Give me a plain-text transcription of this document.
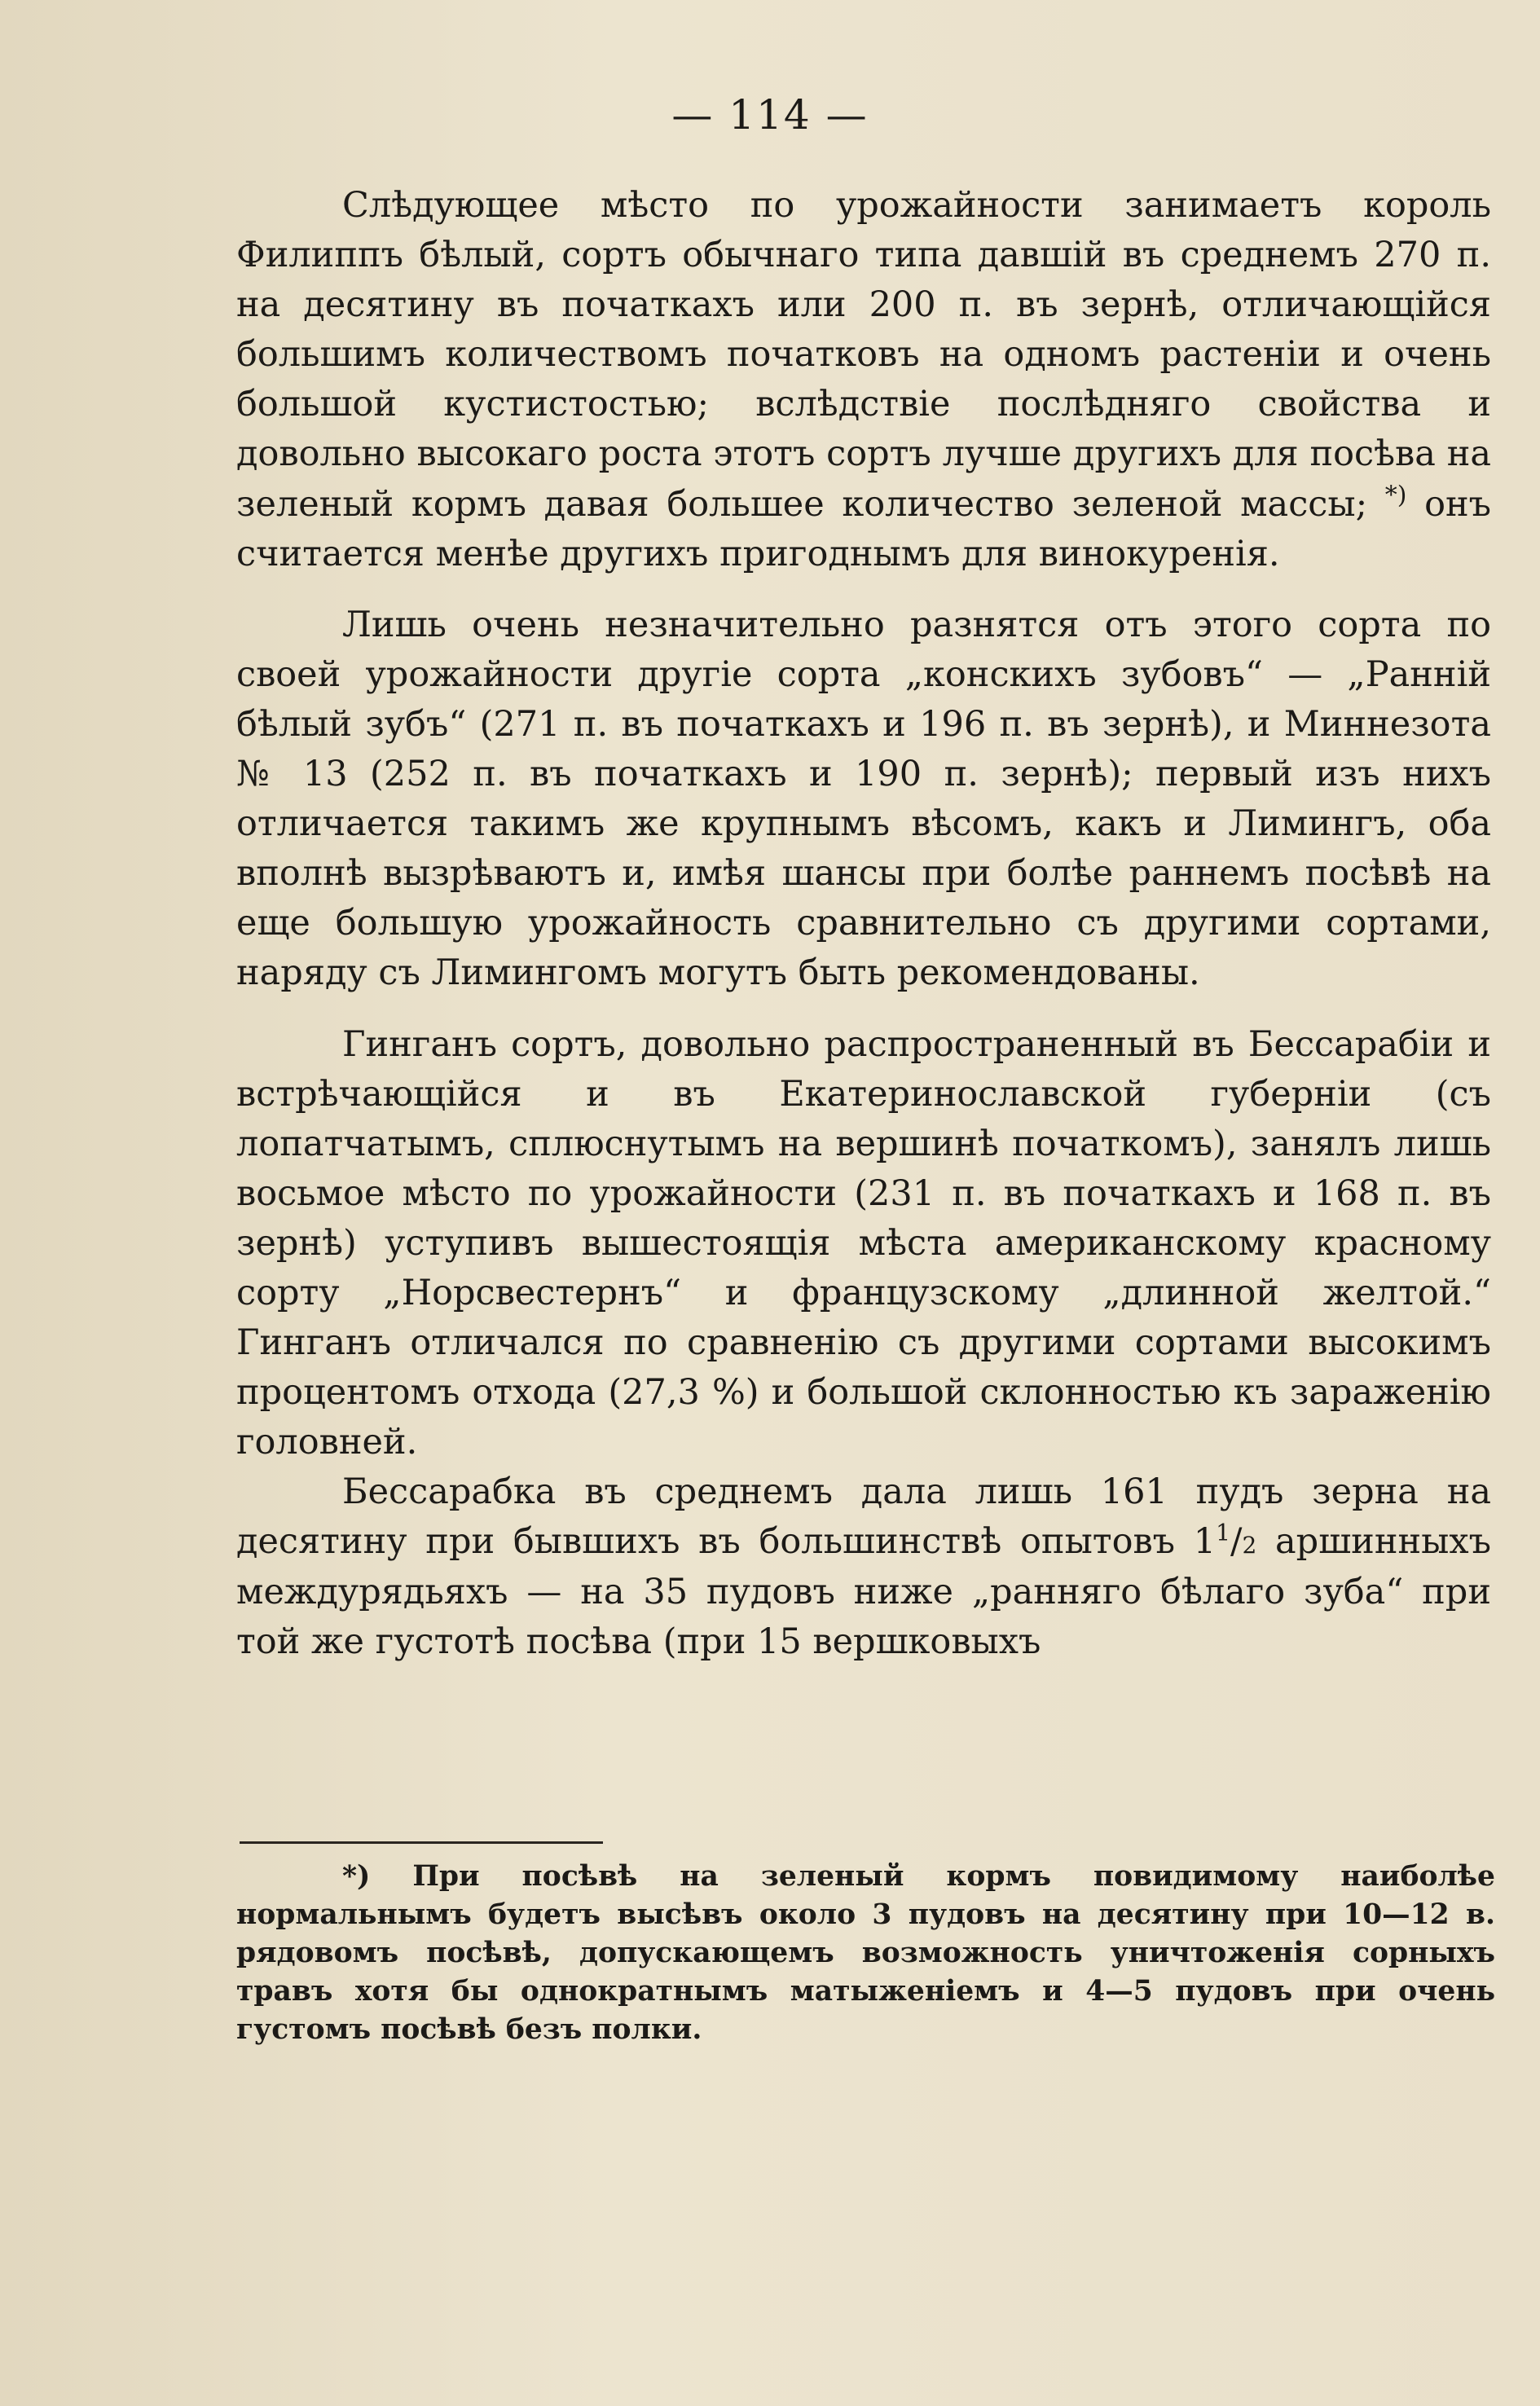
— 114 —

Слѣдующее мѣсто по урожайности занимаетъ король Филиппъ бѣлый, сортъ обычнаго типа давшій въ среднемъ 270 п. на десятину въ початкахъ или 200 п. въ зернѣ, отличающійся большимъ количествомъ початковъ на одномъ растеніи и очень большой кустистостью; вслѣдствіе послѣдняго свойства и довольно высокаго роста этотъ сортъ лучше другихъ для посѣва на зеленый кормъ давая большее количество зеленой массы; *) онъ считается менѣе другихъ пригоднымъ для винокуренія.

Лишь очень незначительно разнятся отъ этого сорта по своей урожайности другіе сорта „конскихъ зубовъ“ — „Ранній бѣлый зубъ“ (271 п. въ початкахъ и 196 п. въ зернѣ), и Миннезота № 13 (252 п. въ початкахъ и 190 п. зернѣ); первый изъ нихъ отличается такимъ же крупнымъ вѣсомъ, какъ и Лимингъ, оба вполнѣ вызрѣваютъ и, имѣя шансы при болѣе раннемъ посѣвѣ на еще большую урожайность сравнительно съ другими сортами, наряду съ Лимингомъ могутъ быть рекомендованы.

Гинганъ сортъ, довольно распространенный въ Бессарабіи и встрѣчающійся и въ Екатеринославской губерніи (съ лопатчатымъ, сплюснутымъ на вершинѣ початкомъ), занялъ лишь восьмое мѣсто по урожайности (231 п. въ початкахъ и 168 п. въ зернѣ) уступивъ вышестоящія мѣста американскому красному сорту „Норсвестернъ“ и французскому „длинной желтой.“ Гинганъ отличался по сравненію съ другими сортами высокимъ процентомъ отхода (27,3 %) и большой склонностью къ зараженію головней.

Бессарабка въ среднемъ дала лишь 161 пудъ зерна на десятину при бывшихъ въ большинствѣ опытовъ $1^1/2$ аршинныхъ междурядьяхъ — на 35 пудовъ ниже „ранняго бѣлаго зуба“ при той же густотѣ посѣва (при 15 вершковыхъ

*) При посѣвѣ на зеленый кормъ повидимому наиболѣе нормальнымъ будетъ высѣвъ около 3 пудовъ на десятину при 10—12 в. рядовомъ посѣвѣ, допускающемъ возможность уничтоженія сорныхъ травъ хотя бы однократнымъ матыженіемъ и 4—5 пудовъ при очень густомъ посѣвѣ безъ полки.
